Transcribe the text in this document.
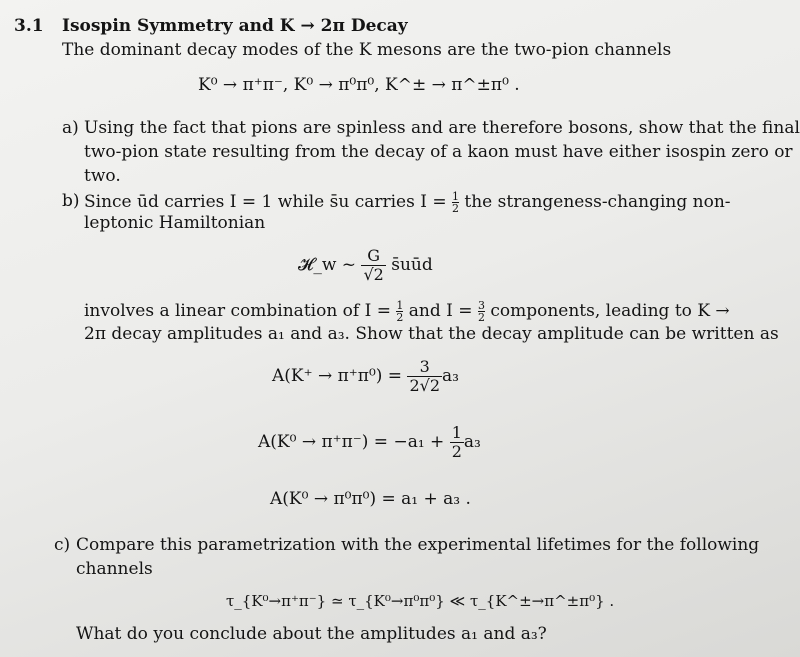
3.1 Isospin Symmetry and K → 2π Decay
The dominant decay modes of the K mesons are the two-pion channels
K⁰ → π⁺π⁻, K⁰ → π⁰π⁰, K^± → π^±π⁰ .
a) Using the fact that pions are spinless and are therefore bosons, show that the final
two-pion state resulting from the decay of a kaon must have either isospin zero or
two.
b) Since ūd carries I = 1 while s̄u carries $I = \frac{1}{2}$ the strangeness-changing non-
leptonic Hamiltonian
𝓗_w ~ $\frac{G}{√2}$ s̄uūd
involves a linear combination of $I = \frac{1}{2}$ and $I = \frac{3}{2}$ components, leading to K →
2π decay amplitudes a₁ and a₃. Show that the decay amplitude can be written as
$A(K^+ \to \pi^+\pi^0) = \frac{3}{2√2} a_3$
$A(K^0 \to \pi^+\pi^-) = -a_1 + \frac{1}{2} a_3$
A(K⁰ → π⁰π⁰) = a₁ + a₃ .
c) Compare this parametrization with the experimental lifetimes for the following
channels
τ_{K⁰→π⁺π⁻} ≃ τ_{K⁰→π⁰π⁰} ≪ τ_{K^±→π^±π⁰} .
What do you conclude about the amplitudes a₁ and a₃?
